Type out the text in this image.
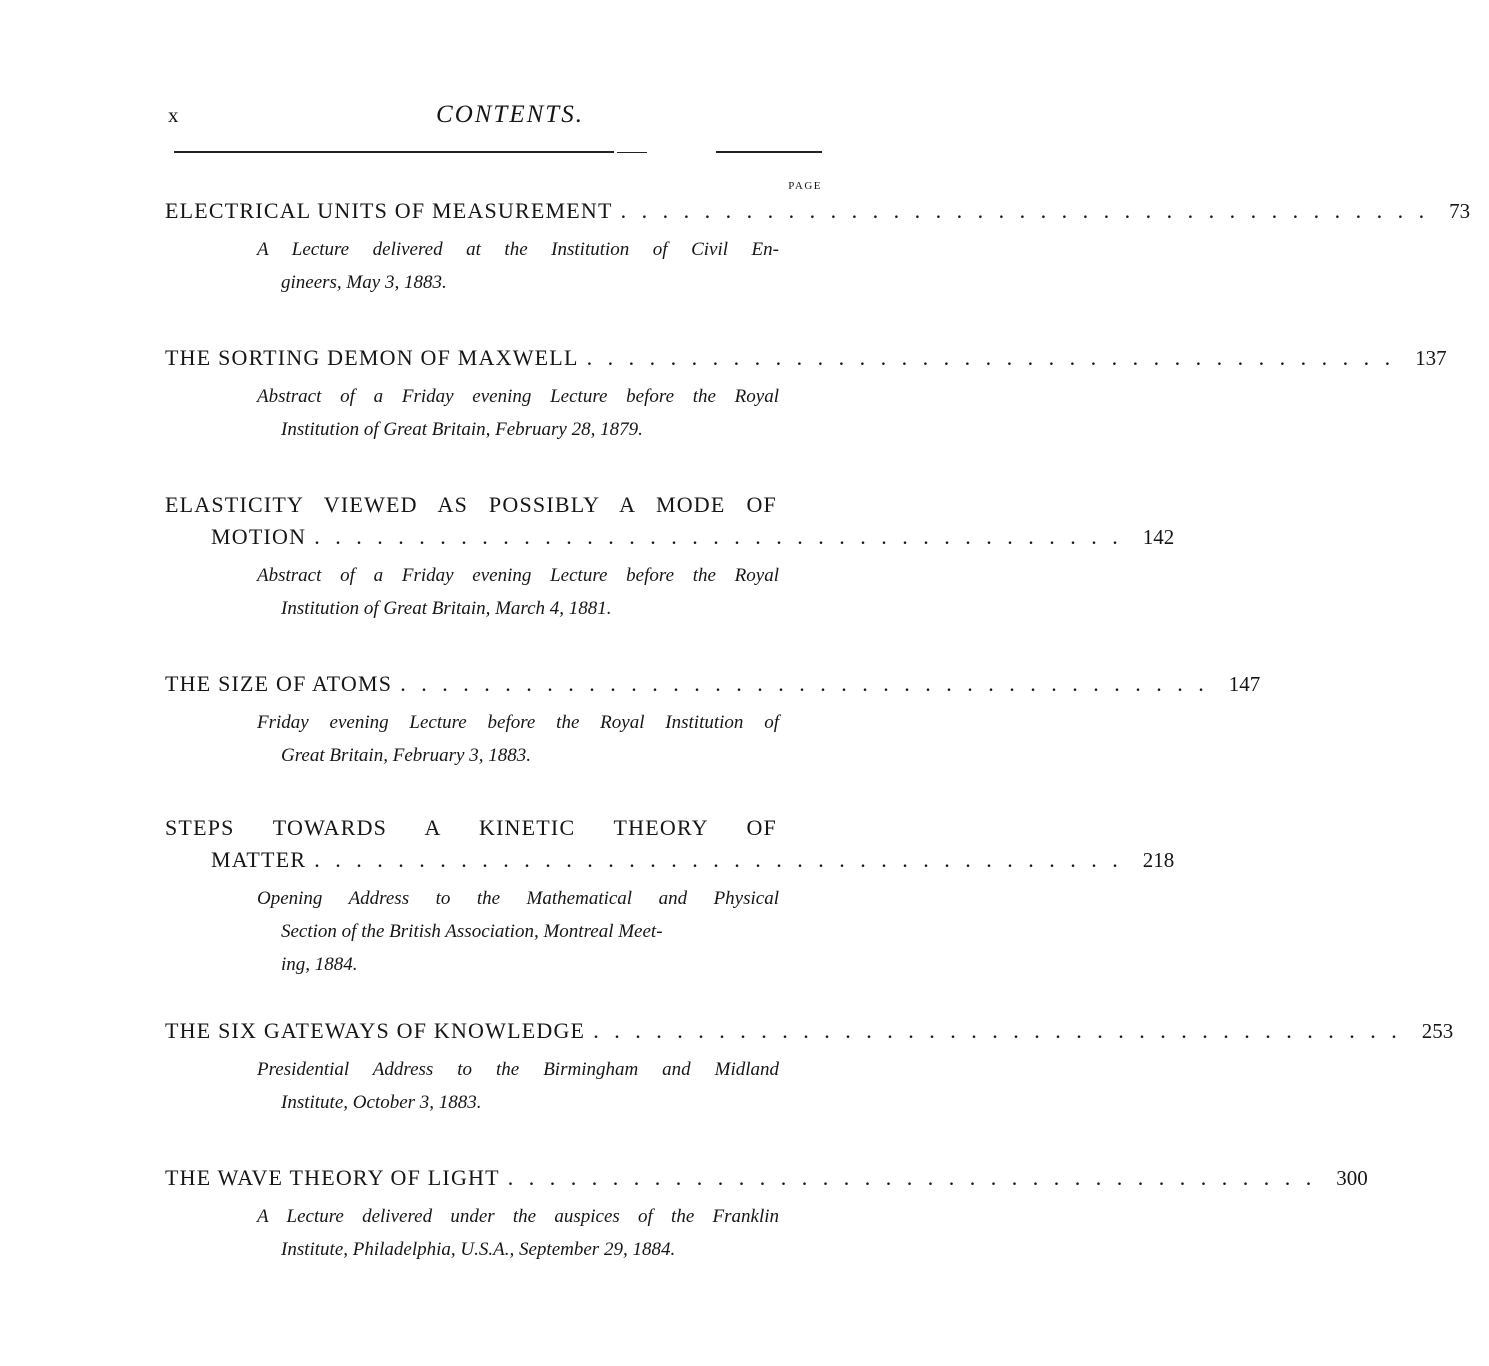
x	CONTENTS.
PAGE
ELECTRICAL UNITS OF MEASUREMENT . . . . . . . . . . . . . . . . . . . . . . . . . . . . . . . . . . . . . . . 73
A Lecture delivered at the Institution of Civil En-
gineers, May 3, 1883.
THE SORTING DEMON OF MAXWELL . . . . . . . . . . . . . . . . . . . . . . . . . . . . . . . . . . . . . . . 137
Abstract of a Friday evening Lecture before the Royal
Institution of Great Britain, February 28, 1879.
ELASTICITY VIEWED AS POSSIBLY A MODE OF
MOTION . . . . . . . . . . . . . . . . . . . . . . . . . . . . . . . . . . . . . . . 142
Abstract of a Friday evening Lecture before the Royal
Institution of Great Britain, March 4, 1881.
THE SIZE OF ATOMS . . . . . . . . . . . . . . . . . . . . . . . . . . . . . . . . . . . . . . . 147
Friday evening Lecture before the Royal Institution of
Great Britain, February 3, 1883.
STEPS TOWARDS A KINETIC THEORY OF
MATTER . . . . . . . . . . . . . . . . . . . . . . . . . . . . . . . . . . . . . . . 218
Opening Address to the Mathematical and Physical
Section of the British Association, Montreal Meet-
ing, 1884.
THE SIX GATEWAYS OF KNOWLEDGE . . . . . . . . . . . . . . . . . . . . . . . . . . . . . . . . . . . . . . . 253
Presidential Address to the Birmingham and Midland
Institute, October 3, 1883.
THE WAVE THEORY OF LIGHT . . . . . . . . . . . . . . . . . . . . . . . . . . . . . . . . . . . . . . . 300
A Lecture delivered under the auspices of the Franklin
Institute, Philadelphia, U.S.A., September 29, 1884.
